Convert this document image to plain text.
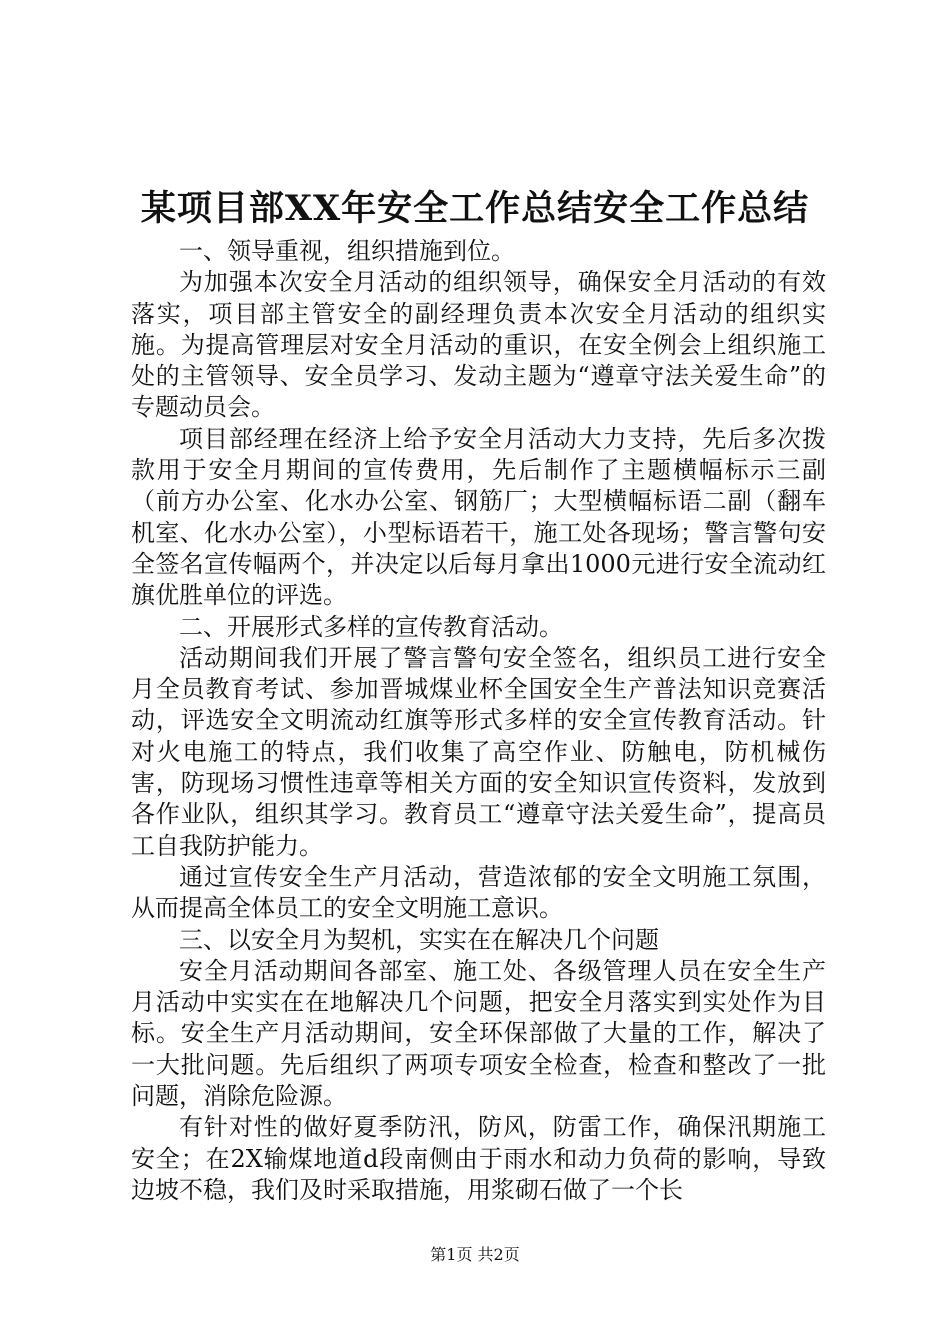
某项目部XX年安全工作总结安全工作总结

一、领导重视，组织措施到位。

为加强本次安全月活动的组织领导，确保安全月活动的有效落实，项目部主管安全的副经理负责本次安全月活动的组织实施。为提高管理层对安全月活动的重识，在安全例会上组织施工处的主管领导、安全员学习、发动主题为“遵章守法关爱生命”的专题动员会。

项目部经理在经济上给予安全月活动大力支持，先后多次拨款用于安全月期间的宣传费用，先后制作了主题横幅标示三副（前方办公室、化水办公室、钢筋厂；大型横幅标语二副（翻车机室、化水办公室），小型标语若干，施工处各现场；警言警句安全签名宣传幅两个，并决定以后每月拿出1000元进行安全流动红旗优胜单位的评选。

二、开展形式多样的宣传教育活动。

活动期间我们开展了警言警句安全签名，组织员工进行安全月全员教育考试、参加晋城煤业杯全国安全生产普法知识竞赛活动，评选安全文明流动红旗等形式多样的安全宣传教育活动。针对火电施工的特点，我们收集了高空作业、防触电，防机械伤害，防现场习惯性违章等相关方面的安全知识宣传资料，发放到各作业队，组织其学习。教育员工“遵章守法关爱生命”，提高员工自我防护能力。

通过宣传安全生产月活动，营造浓郁的安全文明施工氛围，从而提高全体员工的安全文明施工意识。

三、以安全月为契机，实实在在解决几个问题

安全月活动期间各部室、施工处、各级管理人员在安全生产月活动中实实在在地解决几个问题，把安全月落实到实处作为目标。安全生产月活动期间，安全环保部做了大量的工作，解决了一大批问题。先后组织了两项专项安全检查，检查和整改了一批问题，消除危险源。

有针对性的做好夏季防汛，防风，防雷工作，确保汛期施工安全；在2X输煤地道d段南侧由于雨水和动力负荷的影响，导致边坡不稳，我们及时采取措施，用浆砌石做了一个长

第1页 共2页
